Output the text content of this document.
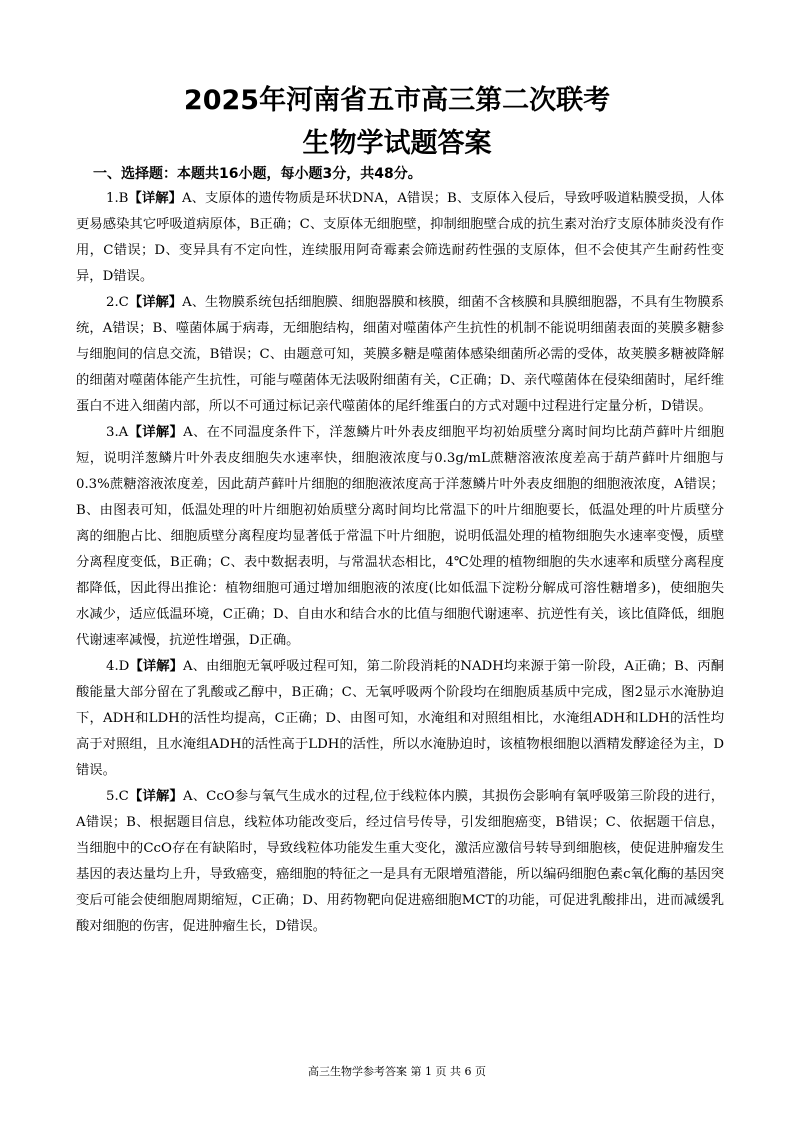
2025年河南省五市高三第二次联考
生物学试题答案
一、选择题：本题共16小题，每小题3分，共48分。

1.B【详解】A、支原体的遗传物质是环状DNA，A错误；B、支原体入侵后，导致呼吸道粘膜受损，人体更易感染其它呼吸道病原体，B正确；C、支原体无细胞壁，抑制细胞壁合成的抗生素对治疗支原体肺炎没有作用，C错误；D、变异具有不定向性，连续服用阿奇霉素会筛选耐药性强的支原体，但不会使其产生耐药性变异，D错误。

2.C【详解】A、生物膜系统包括细胞膜、细胞器膜和核膜，细菌不含核膜和具膜细胞器，不具有生物膜系统，A错误；B、噬菌体属于病毒，无细胞结构，细菌对噬菌体产生抗性的机制不能说明细菌表面的荚膜多糖参与细胞间的信息交流，B错误；C、由题意可知，荚膜多糖是噬菌体感染细菌所必需的受体，故荚膜多糖被降解的细菌对噬菌体能产生抗性，可能与噬菌体无法吸附细菌有关，C正确；D、亲代噬菌体在侵染细菌时，尾纤维蛋白不进入细菌内部，所以不可通过标记亲代噬菌体的尾纤维蛋白的方式对题中过程进行定量分析，D错误。

3.A【详解】A、在不同温度条件下，洋葱鳞片叶外表皮细胞平均初始质壁分离时间均比葫芦藓叶片细胞短，说明洋葱鳞片叶外表皮细胞失水速率快，细胞液浓度与0.3g/mL蔗糖溶液浓度差高于葫芦藓叶片细胞与0.3%蔗糖溶液浓度差，因此葫芦藓叶片细胞的细胞液浓度高于洋葱鳞片叶外表皮细胞的细胞液浓度，A错误；B、由图表可知，低温处理的叶片细胞初始质壁分离时间均比常温下的叶片细胞要长，低温处理的叶片质壁分离的细胞占比、细胞质壁分离程度均显著低于常温下叶片细胞，说明低温处理的植物细胞失水速率变慢，质壁分离程度变低，B正确；C、表中数据表明，与常温状态相比，4℃处理的植物细胞的失水速率和质壁分离程度都降低，因此得出推论：植物细胞可通过增加细胞液的浓度(比如低温下淀粉分解成可溶性糖增多)，使细胞失水减少，适应低温环境，C正确；D、自由水和结合水的比值与细胞代谢速率、抗逆性有关，该比值降低，细胞代谢速率减慢，抗逆性增强，D正确。

4.D【详解】A、由细胞无氧呼吸过程可知，第二阶段消耗的NADH均来源于第一阶段，A正确；B、丙酮酸能量大部分留在了乳酸或乙醇中，B正确；C、无氧呼吸两个阶段均在细胞质基质中完成，图2显示水淹胁迫下，ADH和LDH的活性均提高，C正确；D、由图可知，水淹组和对照组相比，水淹组ADH和LDH的活性均高于对照组，且水淹组ADH的活性高于LDH的活性，所以水淹胁迫时，该植物根细胞以酒精发酵途径为主，D错误。

5.C【详解】A、CcO参与氧气生成水的过程,位于线粒体内膜，其损伤会影响有氧呼吸第三阶段的进行，A错误；B、根据题目信息，线粒体功能改变后，经过信号传导，引发细胞癌变，B错误；C、依据题干信息，当细胞中的CcO存在有缺陷时，导致线粒体功能发生重大变化，激活应激信号转导到细胞核，使促进肿瘤发生基因的表达量均上升，导致癌变，癌细胞的特征之一是具有无限增殖潜能，所以编码细胞色素c氧化酶的基因突变后可能会使细胞周期缩短，C正确；D、用药物靶向促进癌细胞MCT的功能，可促进乳酸排出，进而减缓乳酸对细胞的伤害，促进肿瘤生长，D错误。

高三生物学参考答案 第 1 页 共 6 页
